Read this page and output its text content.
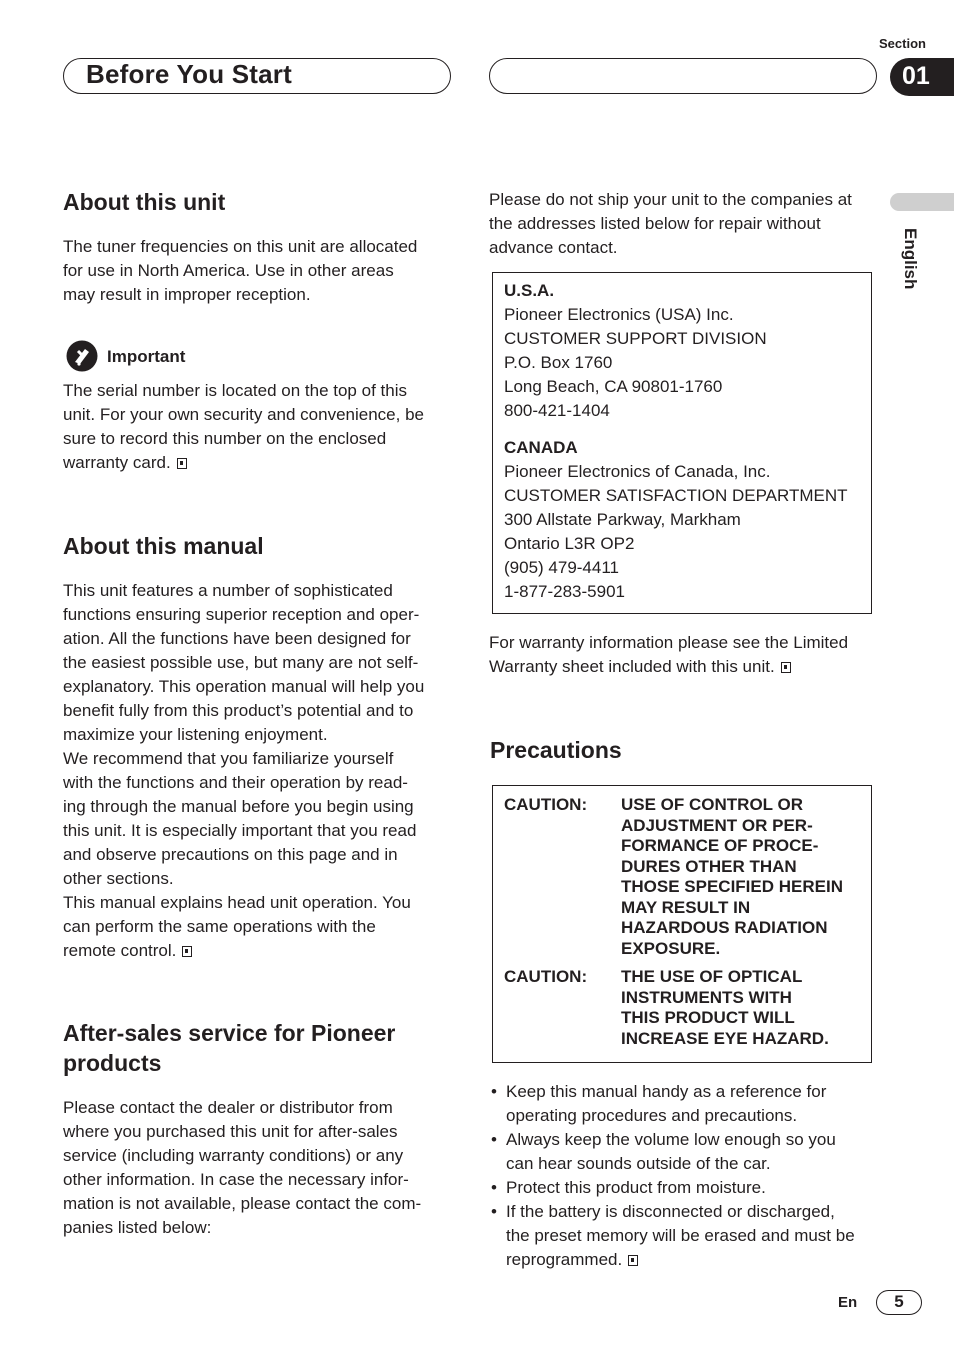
Before You Start
Section
01
English
About this unit

The tuner frequencies on this unit are allocated

for use in North America. Use in other areas

may result in improper reception.

Important

The serial number is located on the top of this

unit. For your own security and convenience, be

sure to record this number on the enclosed

warranty card.

About this manual

This unit features a number of sophisticated

functions ensuring superior reception and oper-

ation. All the functions have been designed for

the easiest possible use, but many are not self-

explanatory. This operation manual will help you

benefit fully from this product’s potential and to

maximize your listening enjoyment.

We recommend that you familiarize yourself

with the functions and their operation by read-

ing through the manual before you begin using

this unit. It is especially important that you read

and observe precautions on this page and in

other sections.

This manual explains head unit operation. You

can perform the same operations with the

remote control.

After-sales service for Pioneer
products

Please contact the dealer or distributor from

where you purchased this unit for after-sales

service (including warranty conditions) or any

other information. In case the necessary infor-

mation is not available, please contact the com-

panies listed below:

Please do not ship your unit to the companies at

the addresses listed below for repair without

advance contact.

U.S.A.
Pioneer Electronics (USA) Inc.
CUSTOMER SUPPORT DIVISION
P.O. Box 1760
Long Beach, CA 90801-1760
800-421-1404
CANADA
Pioneer Electronics of Canada, Inc.
CUSTOMER SATISFACTION DEPARTMENT
300 Allstate Parkway, Markham
Ontario L3R OP2
(905) 479-4411
1-877-283-5901

For warranty information please see the Limited

Warranty sheet included with this unit.

Precautions
CAUTION: USE OF CONTROL OR
ADJUSTMENT OR PER-
FORMANCE OF PROCE-
DURES OTHER THAN
THOSE SPECIFIED HEREIN
MAY RESULT IN
HAZARDOUS RADIATION
EXPOSURE.
CAUTION: THE USE OF OPTICAL
INSTRUMENTS WITH
THIS PRODUCT WILL
INCREASE EYE HAZARD.
• Keep this manual handy as a reference for
operating procedures and precautions.
• Always keep the volume low enough so you
can hear sounds outside of the car.
• Protect this product from moisture.
• If the battery is disconnected or discharged,
the preset memory will be erased and must be
reprogrammed.
En	5
